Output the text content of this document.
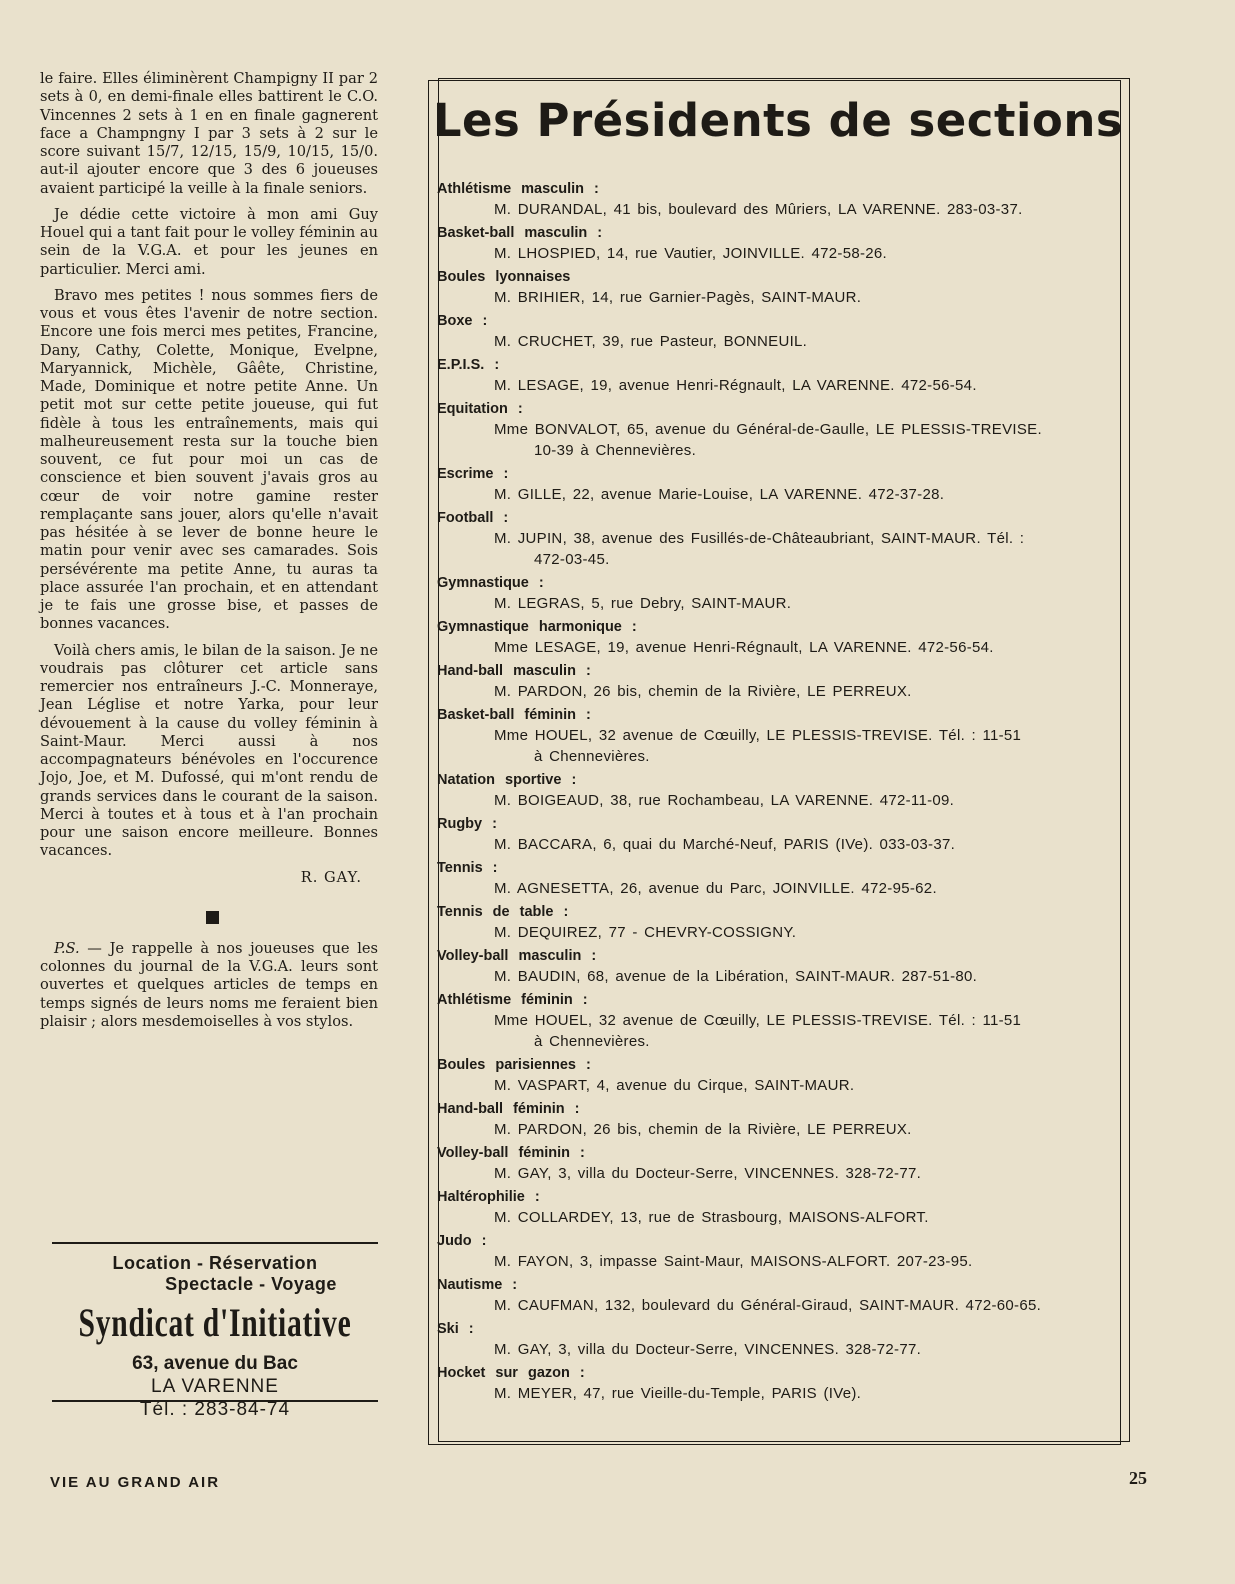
le faire. Elles éliminèrent Champigny II par 2 sets à 0, en demi-finale elles battirent le C.O. Vincennes 2 sets à 1 en en finale gagnerent face a Champngny I par 3 sets à 2 sur le score suivant 15/7, 12/15, 15/9, 10/15, 15/0. aut-il ajouter encore que 3 des 6 joueuses avaient participé la veille à la finale seniors.

Je dédie cette victoire à mon ami Guy Houel qui a tant fait pour le volley féminin au sein de la V.G.A. et pour les jeunes en particulier. Merci ami.

Bravo mes petites ! nous sommes fiers de vous et vous êtes l'avenir de notre section. Encore une fois merci mes petites, Francine, Dany, Cathy, Colette, Monique, Evelpne, Maryannick, Michèle, Gâête, Christine, Made, Dominique et notre petite Anne. Un petit mot sur cette petite joueuse, qui fut fidèle à tous les entraînements, mais qui malheureusement resta sur la touche bien souvent, ce fut pour moi un cas de conscience et bien souvent j'avais gros au cœur de voir notre gamine rester remplaçante sans jouer, alors qu'elle n'avait pas hésitée à se lever de bonne heure le matin pour venir avec ses camarades. Sois persévérente ma petite Anne, tu auras ta place assurée l'an prochain, et en attendant je te fais une grosse bise, et passes de bonnes vacances.

Voilà chers amis, le bilan de la saison. Je ne voudrais pas clôturer cet article sans remercier nos entraîneurs J.-C. Monneraye, Jean Léglise et notre Yarka, pour leur dévouement à la cause du volley féminin à Saint-Maur. Merci aussi à nos accompagnateurs bénévoles en l'occurence Jojo, Joe, et M. Dufossé, qui m'ont rendu de grands services dans le courant de la saison. Merci à toutes et à tous et à l'an prochain pour une saison encore meilleure. Bonnes vacances.

R. GAY.

P.S. — Je rappelle à nos joueuses que les colonnes du journal de la V.G.A. leurs sont ouvertes et quelques articles de temps en temps signés de leurs noms me feraient bien plaisir ; alors mesdemoiselles à vos stylos.

Location - Réservation
Spectacle - Voyage
Syndicat d'Initiative
63, avenue du Bac
LA VARENNE
Tél. : 283-84-74
Les Présidents de sections
Athlétisme masculin :
M. DURANDAL, 41 bis, boulevard des Mûriers, LA VARENNE. 283-03-37.
Basket-ball masculin :
M. LHOSPIED, 14, rue Vautier, JOINVILLE. 472-58-26.
Boules lyonnaises
M. BRIHIER, 14, rue Garnier-Pagès, SAINT-MAUR.
Boxe :
M. CRUCHET, 39, rue Pasteur, BONNEUIL.
E.P.I.S. :
M. LESAGE, 19, avenue Henri-Régnault, LA VARENNE. 472-56-54.
Equitation :
Mme BONVALOT, 65, avenue du Général-de-Gaulle, LE PLESSIS-TREVISE.
10-39 à Chennevières.
Escrime :
M. GILLE, 22, avenue Marie-Louise, LA VARENNE. 472-37-28.
Football :
M. JUPIN, 38, avenue des Fusillés-de-Châteaubriant, SAINT-MAUR. Tél. :
472-03-45.
Gymnastique :
M. LEGRAS, 5, rue Debry, SAINT-MAUR.
Gymnastique harmonique :
Mme LESAGE, 19, avenue Henri-Régnault, LA VARENNE. 472-56-54.
Hand-ball masculin :
M. PARDON, 26 bis, chemin de la Rivière, LE PERREUX.
Basket-ball féminin :
Mme HOUEL, 32 avenue de Cœuilly, LE PLESSIS-TREVISE. Tél. : 11-51
à Chennevières.
Natation sportive :
M. BOIGEAUD, 38, rue Rochambeau, LA VARENNE. 472-11-09.
Rugby :
M. BACCARA, 6, quai du Marché-Neuf, PARIS (IVe). 033-03-37.
Tennis :
M. AGNESETTA, 26, avenue du Parc, JOINVILLE. 472-95-62.
Tennis de table :
M. DEQUIREZ, 77 - CHEVRY-COSSIGNY.
Volley-ball masculin :
M. BAUDIN, 68, avenue de la Libération, SAINT-MAUR. 287-51-80.
Athlétisme féminin :
Mme HOUEL, 32 avenue de Cœuilly, LE PLESSIS-TREVISE. Tél. : 11-51
à Chennevières.
Boules parisiennes :
M. VASPART, 4, avenue du Cirque, SAINT-MAUR.
Hand-ball féminin :
M. PARDON, 26 bis, chemin de la Rivière, LE PERREUX.
Volley-ball féminin :
M. GAY, 3, villa du Docteur-Serre, VINCENNES. 328-72-77.
Haltérophilie :
M. COLLARDEY, 13, rue de Strasbourg, MAISONS-ALFORT.
Judo :
M. FAYON, 3, impasse Saint-Maur, MAISONS-ALFORT. 207-23-95.
Nautisme :
M. CAUFMAN, 132, boulevard du Général-Giraud, SAINT-MAUR. 472-60-65.
Ski :
M. GAY, 3, villa du Docteur-Serre, VINCENNES. 328-72-77.
Hocket sur gazon :
M. MEYER, 47, rue Vieille-du-Temple, PARIS (IVe).
VIE AU GRAND AIR	25
